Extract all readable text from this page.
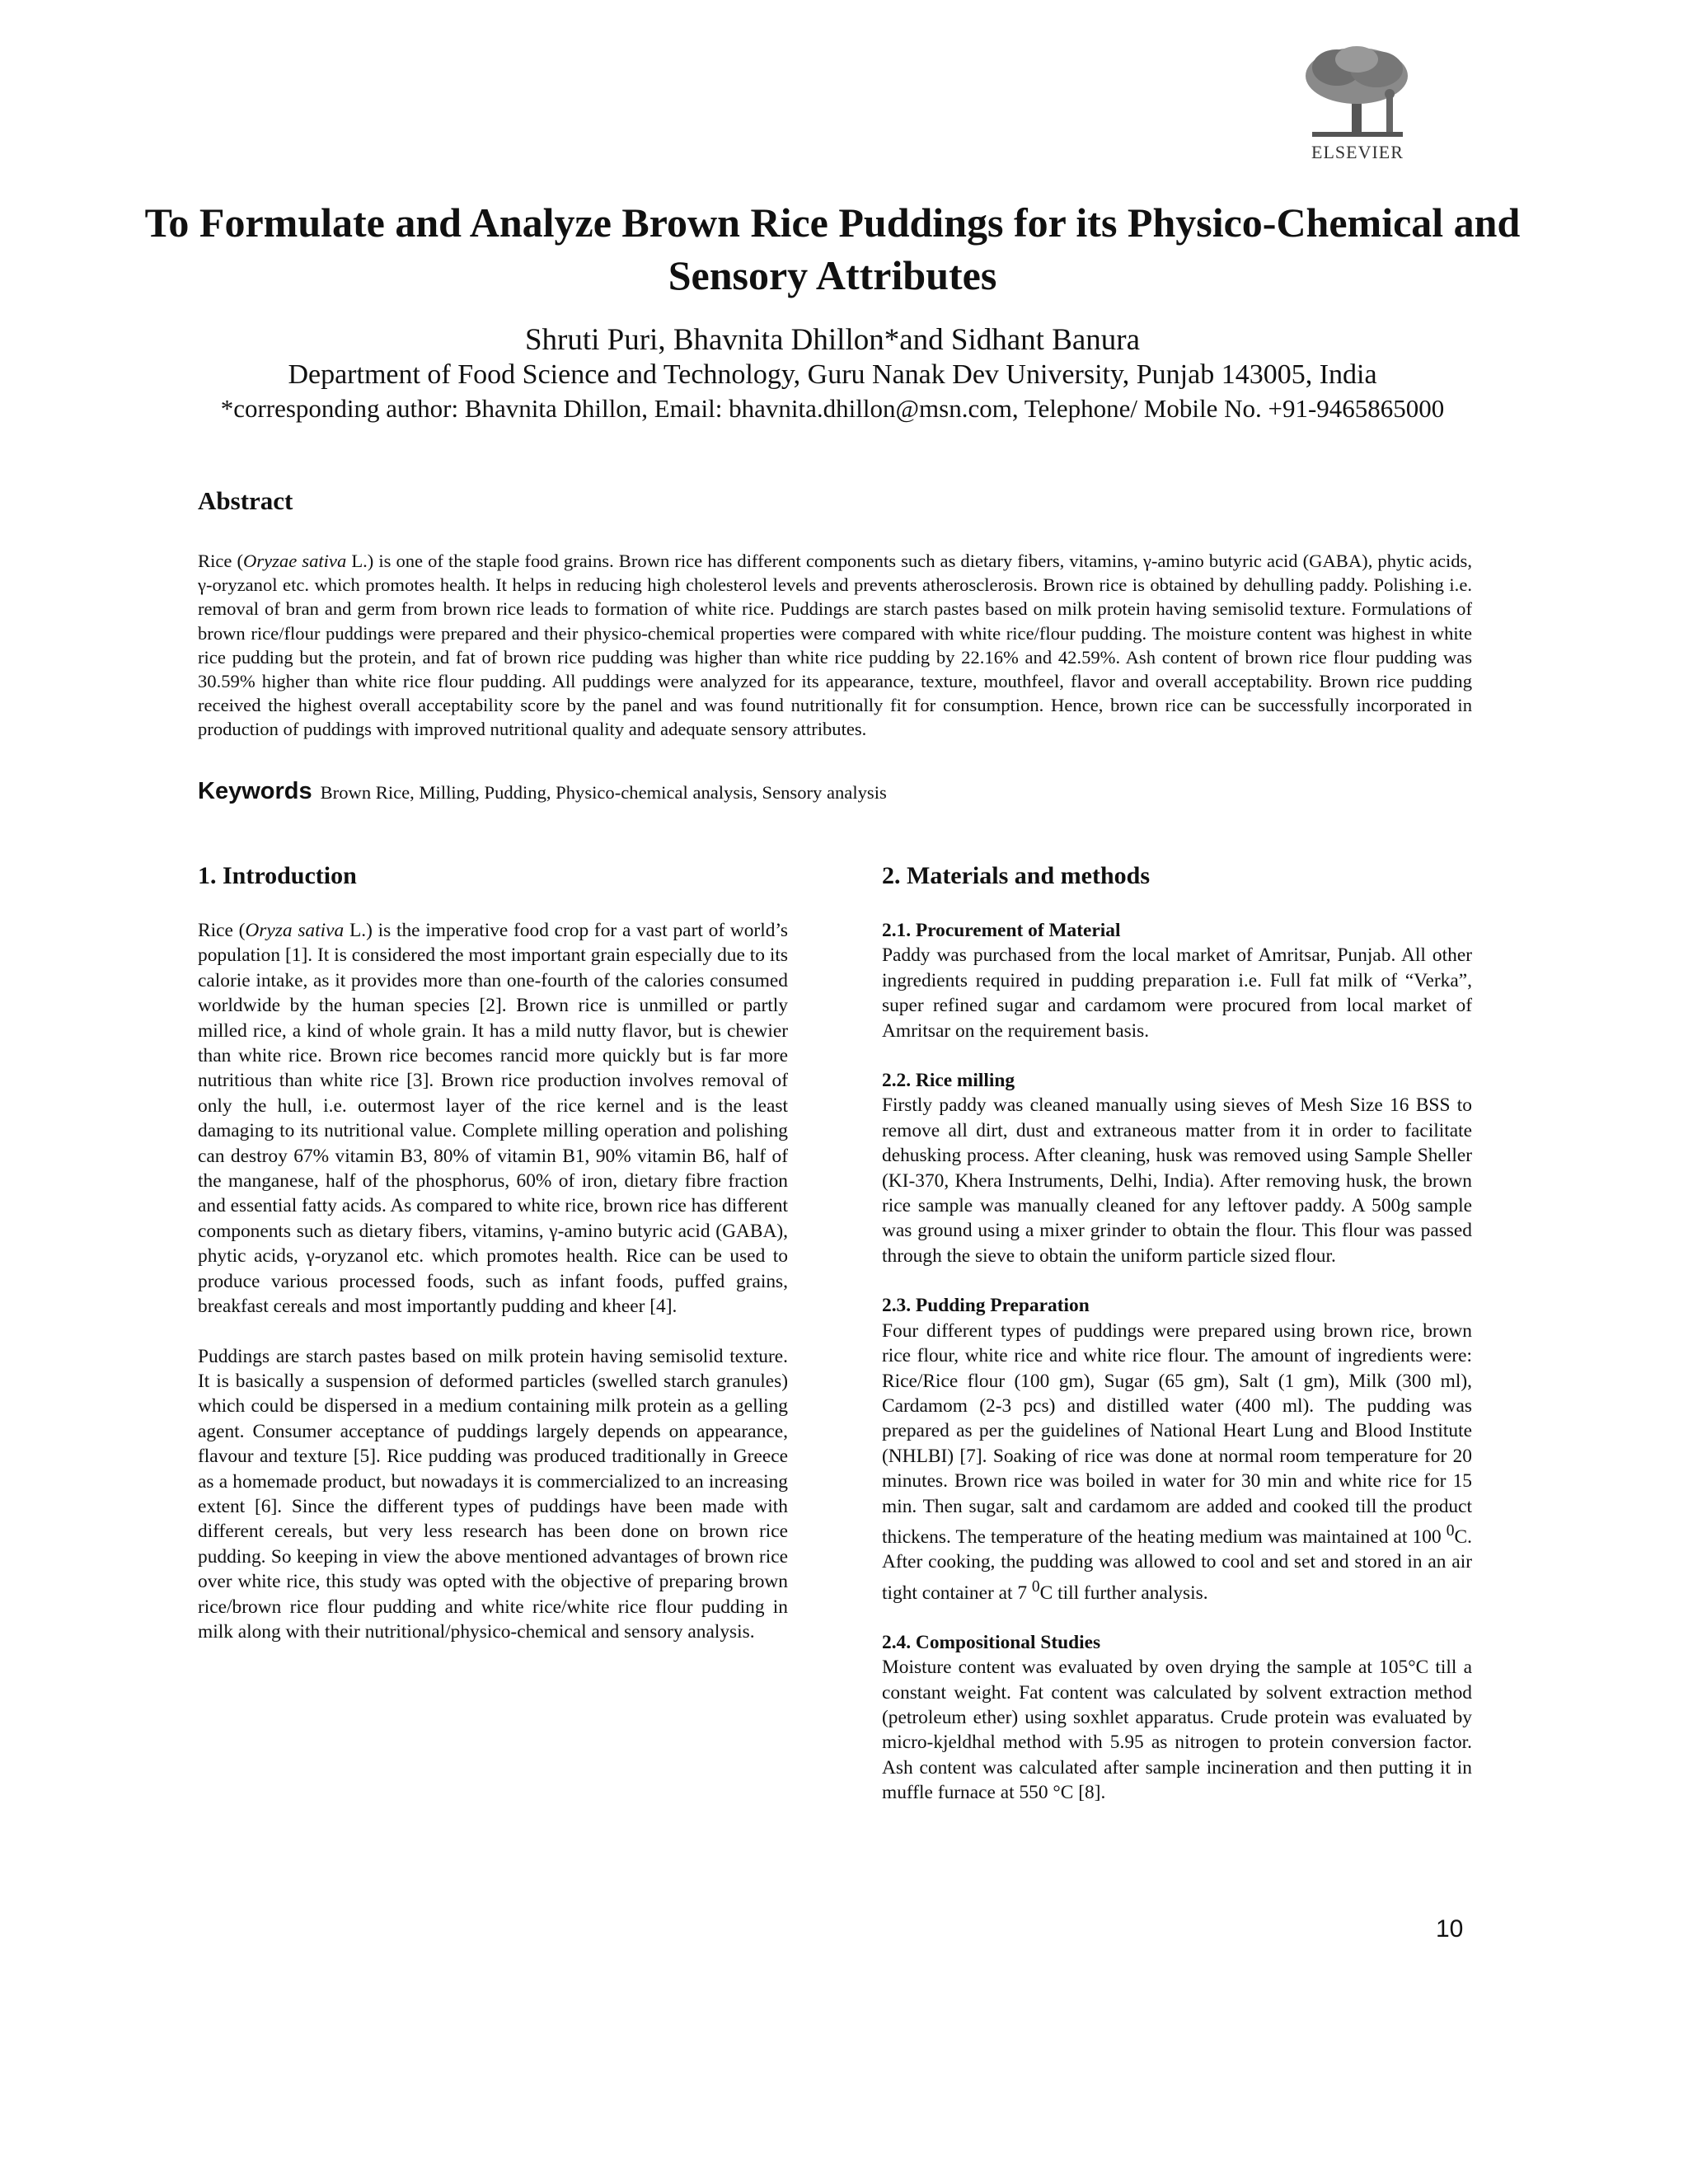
ELSEVIER
To Formulate and Analyze Brown Rice Puddings for its Physico-Chemical and Sensory Attributes
Shruti Puri, Bhavnita Dhillon*and Sidhant Banura
Department of Food Science and Technology, Guru Nanak Dev University, Punjab 143005, India
*corresponding author: Bhavnita Dhillon, Email: bhavnita.dhillon@msn.com, Telephone/ Mobile No. +91-9465865000
Abstract

Rice (Oryzae sativa L.) is one of the staple food grains. Brown rice has different components such as dietary fibers, vitamins, γ-amino butyric acid (GABA), phytic acids, γ-oryzanol etc. which promotes health. It helps in reducing high cholesterol levels and prevents atherosclerosis. Brown rice is obtained by dehulling paddy. Polishing i.e. removal of bran and germ from brown rice leads to formation of white rice. Puddings are starch pastes based on milk protein having semisolid texture. Formulations of brown rice/flour puddings were prepared and their physico-chemical properties were compared with white rice/flour pudding. The moisture content was highest in white rice pudding but the protein, and fat of brown rice pudding was higher than white rice pudding by 22.16% and 42.59%. Ash content of brown rice flour pudding was 30.59% higher than white rice flour pudding. All puddings were analyzed for its appearance, texture, mouthfeel, flavor and overall acceptability. Brown rice pudding received the highest overall acceptability score by the panel and was found nutritionally fit for consumption. Hence, brown rice can be successfully incorporated in production of puddings with improved nutritional quality and adequate sensory attributes.

Keywords Brown Rice, Milling, Pudding, Physico-chemical analysis, Sensory analysis
1. Introduction

Rice (Oryza sativa L.) is the imperative food crop for a vast part of world’s population [1]. It is considered the most important grain especially due to its calorie intake, as it provides more than one-fourth of the calories consumed worldwide by the human species [2]. Brown rice is unmilled or partly milled rice, a kind of whole grain. It has a mild nutty flavor, but is chewier than white rice. Brown rice becomes rancid more quickly but is far more nutritious than white rice [3]. Brown rice production involves removal of only the hull, i.e. outermost layer of the rice kernel and is the least damaging to its nutritional value. Complete milling operation and polishing can destroy 67% vitamin B3, 80% of vitamin B1, 90% vitamin B6, half of the manganese, half of the phosphorus, 60% of iron, dietary fibre fraction and essential fatty acids. As compared to white rice, brown rice has different components such as dietary fibers, vitamins, γ-amino butyric acid (GABA), phytic acids, γ-oryzanol etc. which promotes health. Rice can be used to produce various processed foods, such as infant foods, puffed grains, breakfast cereals and most importantly pudding and kheer [4].

Puddings are starch pastes based on milk protein having semisolid texture. It is basically a suspension of deformed particles (swelled starch granules) which could be dispersed in a medium containing milk protein as a gelling agent. Consumer acceptance of puddings largely depends on appearance, flavour and texture [5]. Rice pudding was produced traditionally in Greece as a homemade product, but nowadays it is commercialized to an increasing extent [6]. Since the different types of puddings have been made with different cereals, but very less research has been done on brown rice pudding. So keeping in view the above mentioned advantages of brown rice over white rice, this study was opted with the objective of preparing brown rice/brown rice flour pudding and white rice/white rice flour pudding in milk along with their nutritional/physico-chemical and sensory analysis.

2. Materials and methods

2.1. Procurement of Material

Paddy was purchased from the local market of Amritsar, Punjab. All other ingredients required in pudding preparation i.e. Full fat milk of “Verka”, super refined sugar and cardamom were procured from local market of Amritsar on the requirement basis.

2.2. Rice milling

Firstly paddy was cleaned manually using sieves of Mesh Size 16 BSS to remove all dirt, dust and extraneous matter from it in order to facilitate dehusking process. After cleaning, husk was removed using Sample Sheller (KI-370, Khera Instruments, Delhi, India). After removing husk, the brown rice sample was manually cleaned for any leftover paddy. A 500g sample was ground using a mixer grinder to obtain the flour. This flour was passed through the sieve to obtain the uniform particle sized flour.

2.3. Pudding Preparation

Four different types of puddings were prepared using brown rice, brown rice flour, white rice and white rice flour. The amount of ingredients were: Rice/Rice flour (100 gm), Sugar (65 gm), Salt (1 gm), Milk (300 ml), Cardamom (2-3 pcs) and distilled water (400 ml). The pudding was prepared as per the guidelines of National Heart Lung and Blood Institute (NHLBI) [7]. Soaking of rice was done at normal room temperature for 20 minutes. Brown rice was boiled in water for 30 min and white rice for 15 min. Then sugar, salt and cardamom are added and cooked till the product thickens. The temperature of the heating medium was maintained at 100 $^0$C. After cooking, the pudding was allowed to cool and set and stored in an air tight container at 7 $^0$C till further analysis.

2.4. Compositional Studies

Moisture content was evaluated by oven drying the sample at 105°C till a constant weight. Fat content was calculated by solvent extraction method (petroleum ether) using soxhlet apparatus. Crude protein was evaluated by micro-kjeldhal method with 5.95 as nitrogen to protein conversion factor. Ash content was calculated after sample incineration and then putting it in muffle furnace at 550 °C [8].

10
